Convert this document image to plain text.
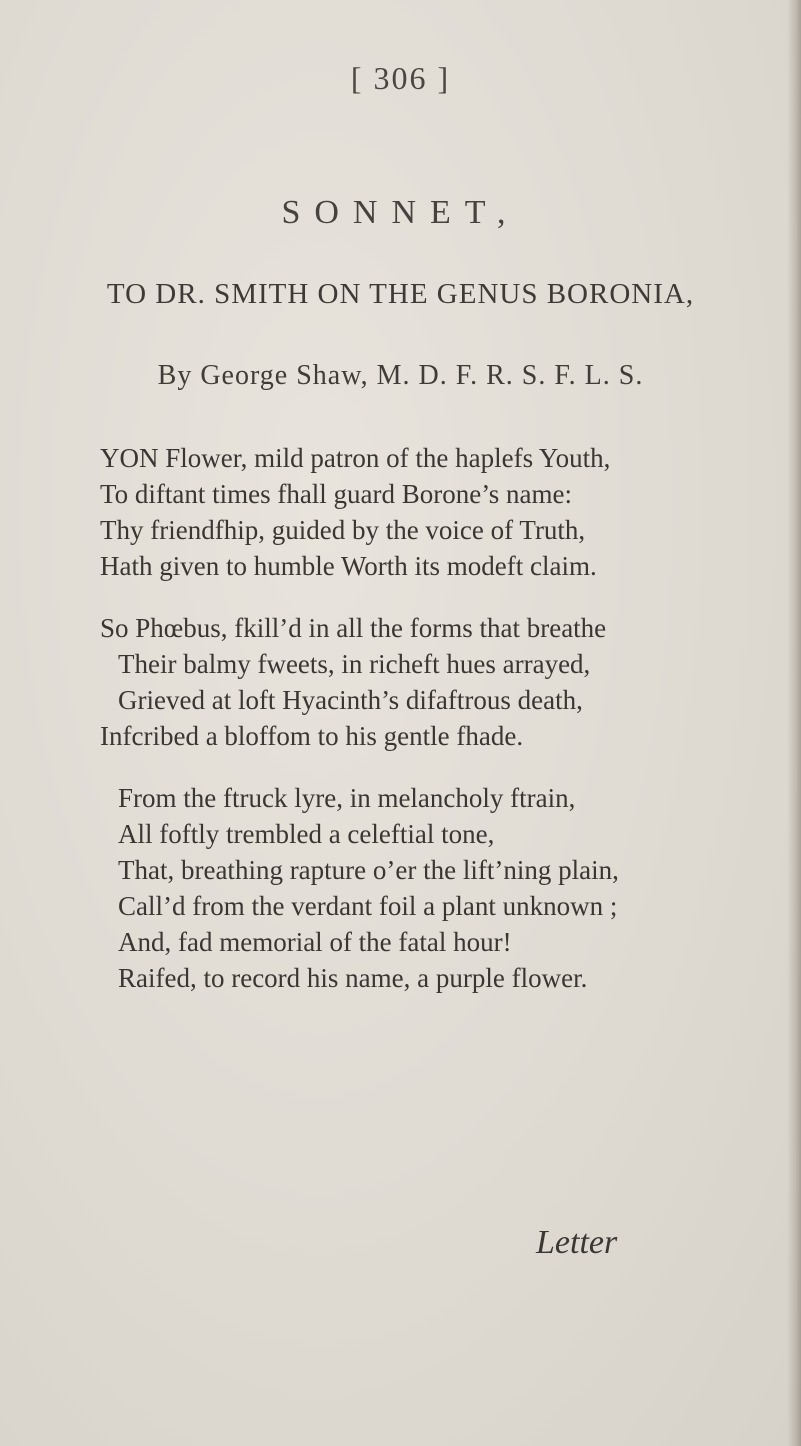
[ 306 ]
SONNET,
TO DR. SMITH ON THE GENUS BORONIA,
By George Shaw, M. D. F. R. S. F. L. S.
YON Flower, mild patron of the haplefs Youth,
To diftant times fhall guard Borone’s name:
Thy friendfhip, guided by the voice of Truth,
Hath given to humble Worth its modeft claim.
So Phœbus, fkill’d in all the forms that breathe
Their balmy fweets, in richeft hues arrayed,
Grieved at loft Hyacinth’s difaftrous death,
Infcribed a bloffom to his gentle fhade.
From the ftruck lyre, in melancholy ftrain,
All foftly trembled a celeftial tone,
That, breathing rapture o’er the lift’ning plain,
Call’d from the verdant foil a plant unknown ;
And, fad memorial of the fatal hour!
Raifed, to record his name, a purple flower.
Letter
